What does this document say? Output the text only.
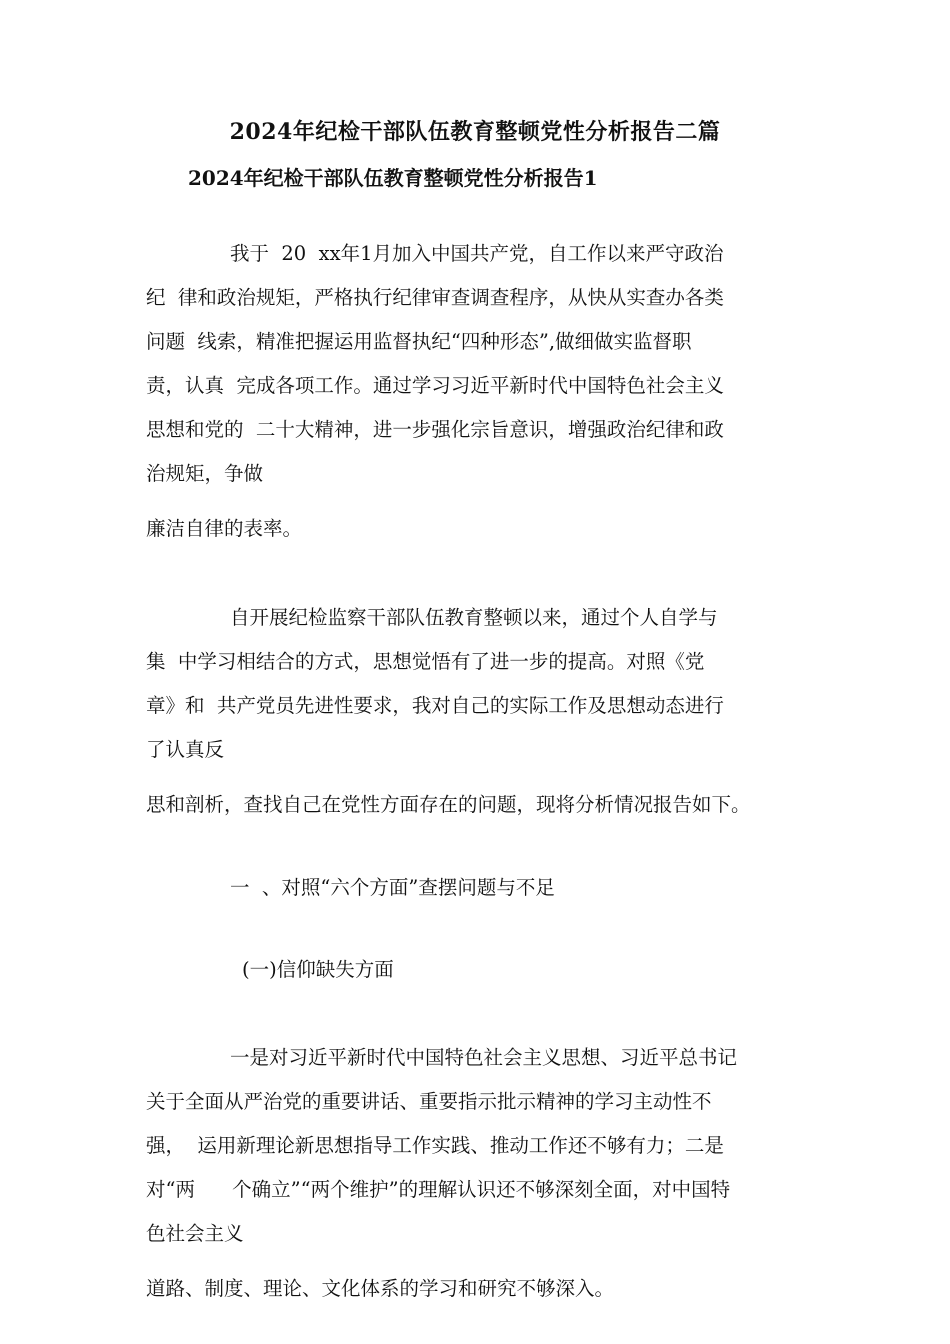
2024年纪检干部队伍教育整顿党性分析报告二篇
2024年纪检干部队伍教育整顿党性分析报告1
我于  20  xx年1月加入中国共产党，自工作以来严守政治
纪  律和政治规矩，严格执行纪律审查调查程序，从快从实查办各类
问题  线索，精准把握运用监督执纪“四种形态”,做细做实监督职
责，认真  完成各项工作。通过学习习近平新时代中国特色社会主义
思想和党的  二十大精神，进一步强化宗旨意识，增强政治纪律和政
治规矩，争做
廉洁自律的表率。
自开展纪检监察干部队伍教育整顿以来，通过个人自学与
集  中学习相结合的方式，思想觉悟有了进一步的提高。对照《党
章》和  共产党员先进性要求，我对自己的实际工作及思想动态进行
了认真反
思和剖析，查找自己在党性方面存在的问题，现将分析情况报告如下。
一  、对照“六个方面”查摆问题与不足
(一)信仰缺失方面
一是对习近平新时代中国特色社会主义思想、习近平总书记
关于全面从严治党的重要讲话、重要指示批示精神的学习主动性不
强，  运用新理论新思想指导工作实践、推动工作还不够有力；二是
对“两      个确立”“两个维护”的理解认识还不够深刻全面，对中国特
色社会主义
道路、制度、理论、文化体系的学习和研究不够深入。
